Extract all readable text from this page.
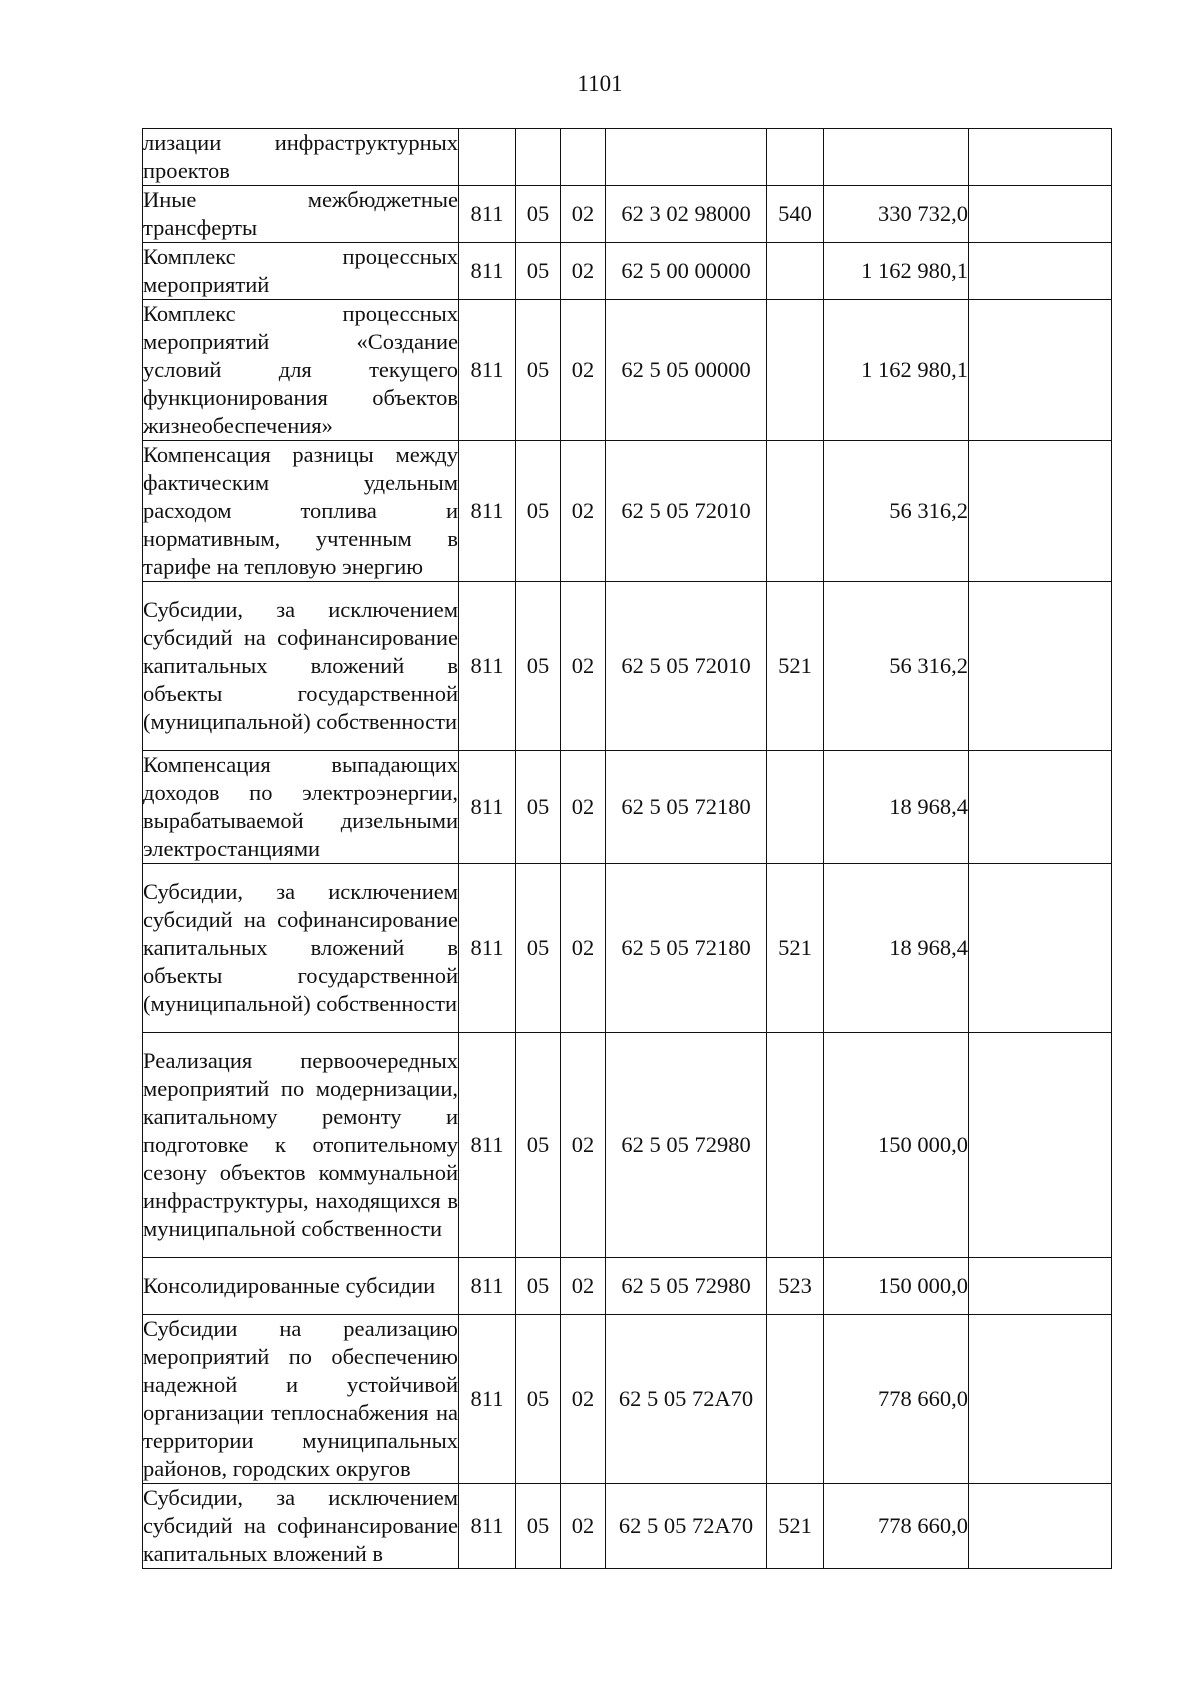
1101
лизации инфраструктурных проектов							
Иные межбюджетные трансферты	811	05	02	62 3 02 98000	540	330 732,0	
Комплекс процессных мероприятий	811	05	02	62 5 00 00000		1 162 980,1	
Комплекс процессных мероприятий «Создание условий для текущего функционирования объектов жизнеобеспечения»	811	05	02	62 5 05 00000		1 162 980,1	
Компенсация разницы между фактическим удельным расходом топлива и нормативным, учтенным в тарифе на тепловую энергию	811	05	02	62 5 05 72010		56 316,2	
Субсидии, за исключением субсидий на софинансирование капитальных вложений в объекты государственной (муниципальной) собственности	811	05	02	62 5 05 72010	521	56 316,2	
Компенсация выпадающих доходов по электроэнергии, вырабатываемой дизельными электростанциями	811	05	02	62 5 05 72180		18 968,4	
Субсидии, за исключением субсидий на софинансирование капитальных вложений в объекты государственной (муниципальной) собственности	811	05	02	62 5 05 72180	521	18 968,4	
Реализация первоочередных мероприятий по модернизации, капитальному ремонту и подготовке к отопительному сезону объектов коммунальной инфраструктуры, находящихся в муниципальной собственности	811	05	02	62 5 05 72980		150 000,0	
Консолидированные субсидии	811	05	02	62 5 05 72980	523	150 000,0	
Субсидии на реализацию мероприятий по обеспечению надежной и устойчивой организации теплоснабжения на территории муниципальных районов, городских округов	811	05	02	62 5 05 72А70		778 660,0	
Субсидии, за исключением субсидий на софинансирование капитальных вложений в	811	05	02	62 5 05 72А70	521	778 660,0	
